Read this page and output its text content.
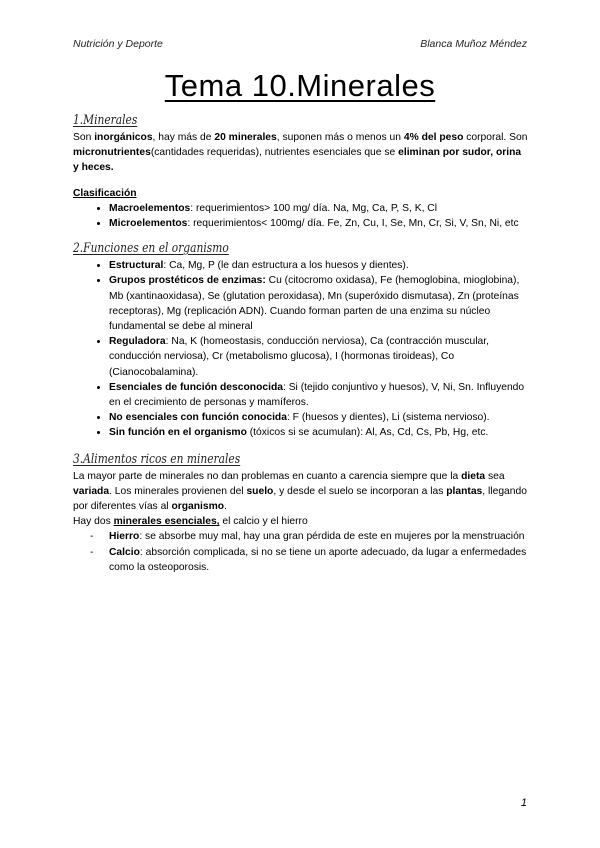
Nutrición y Deporte	Blanca Muñoz Méndez
Tema 10.Minerales
1.Minerales

Son inorgánicos, hay más de 20 minerales, suponen más o menos un 4% del peso corporal. Son micronutrientes(cantidades requeridas), nutrientes esenciales que se eliminan por sudor, orina y heces.

Clasificación

• Macroelementos: requerimientos> 100 mg/ día. Na, Mg, Ca, P, S, K, Cl
• Microelementos: requerimientos< 100mg/ día. Fe, Zn, Cu, I, Se, Mn, Cr, Si, V, Sn, Ni, etc
2.Funciones en el organismo
• Estructural: Ca, Mg, P (le dan estructura a los huesos y dientes).
• Grupos prostéticos de enzimas: Cu (citocromo oxidasa), Fe (hemoglobina, mioglobina), Mb (xantinaoxidasa), Se (glutation peroxidasa), Mn (superóxido dismutasa), Zn (proteínas receptoras), Mg (replicación ADN). Cuando forman parten de una enzima su núcleo fundamental se debe al mineral
• Reguladora: Na, K (homeostasis, conducción nerviosa), Ca (contracción muscular, conducción nerviosa), Cr (metabolismo glucosa), I (hormonas tiroideas), Co (Cianocobalamina).
• Esenciales de función desconocida: Si (tejido conjuntivo y huesos), V, Ni, Sn. Influyendo en el crecimiento de personas y mamíferos.
• No esenciales con función conocida: F (huesos y dientes), Li (sistema nervioso).
• Sin función en el organismo (tóxicos si se acumulan): Al, As, Cd, Cs, Pb, Hg, etc.
3.Alimentos ricos en minerales

La mayor parte de minerales no dan problemas en cuanto a carencia siempre que la dieta sea variada. Los minerales provienen del suelo, y desde el suelo se incorporan a las plantas, llegando por diferentes vías al organismo.

Hay dos minerales esenciales, el calcio y el hierro

- Hierro: se absorbe muy mal, hay una gran pérdida de este en mujeres por la menstruación
- Calcio: absorción complicada, si no se tiene un aporte adecuado, da lugar a enfermedades como la osteoporosis.
1
